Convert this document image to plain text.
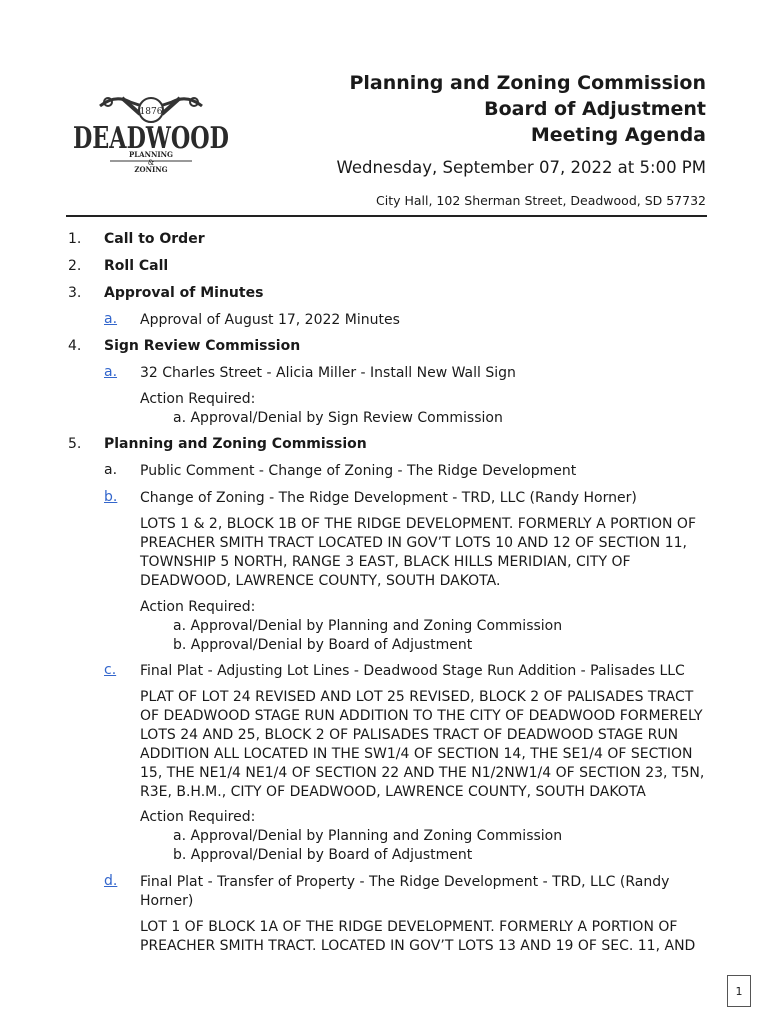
1876
DEADWOOD
PLANNING
&
ZONING
Planning and Zoning Commission
Board of Adjustment
Meeting Agenda
Wednesday, September 07, 2022 at 5:00 PM
City Hall, 102 Sherman Street, Deadwood, SD 57732
1. Call to Order
2. Roll Call
3. Approval of Minutes
a. Approval of August 17, 2022 Minutes
4. Sign Review Commission
a. 32 Charles Street - Alicia Miller - Install New Wall Sign
Action Required:
a. Approval/Denial by Sign Review Commission
5. Planning and Zoning Commission
a. Public Comment - Change of Zoning - The Ridge Development
b. Change of Zoning - The Ridge Development - TRD, LLC (Randy Horner)
LOTS 1 & 2, BLOCK 1B OF THE RIDGE DEVELOPMENT. FORMERLY A PORTION OF
PREACHER SMITH TRACT LOCATED IN GOV’T LOTS 10 AND 12 OF SECTION 11,
TOWNSHIP 5 NORTH, RANGE 3 EAST, BLACK HILLS MERIDIAN, CITY OF
DEADWOOD, LAWRENCE COUNTY, SOUTH DAKOTA.
Action Required:
a. Approval/Denial by Planning and Zoning Commission
b. Approval/Denial by Board of Adjustment
c. Final Plat - Adjusting Lot Lines - Deadwood Stage Run Addition - Palisades LLC
PLAT OF LOT 24 REVISED AND LOT 25 REVISED, BLOCK 2 OF PALISADES TRACT
OF DEADWOOD STAGE RUN ADDITION TO THE CITY OF DEADWOOD FORMERELY
LOTS 24 AND 25, BLOCK 2 OF PALISADES TRACT OF DEADWOOD STAGE RUN
ADDITION ALL LOCATED IN THE SW1/4 OF SECTION 14, THE SE1/4 OF SECTION
15, THE NE1/4 NE1/4 OF SECTION 22 AND THE N1/2NW1/4 OF SECTION 23, T5N,
R3E, B.H.M., CITY OF DEADWOOD, LAWRENCE COUNTY, SOUTH DAKOTA
Action Required:
a. Approval/Denial by Planning and Zoning Commission
b. Approval/Denial by Board of Adjustment
d. Final Plat - Transfer of Property - The Ridge Development - TRD, LLC (Randy
Horner)
LOT 1 OF BLOCK 1A OF THE RIDGE DEVELOPMENT. FORMERLY A PORTION OF
PREACHER SMITH TRACT. LOCATED IN GOV’T LOTS 13 AND 19 OF SEC. 11, AND
1
